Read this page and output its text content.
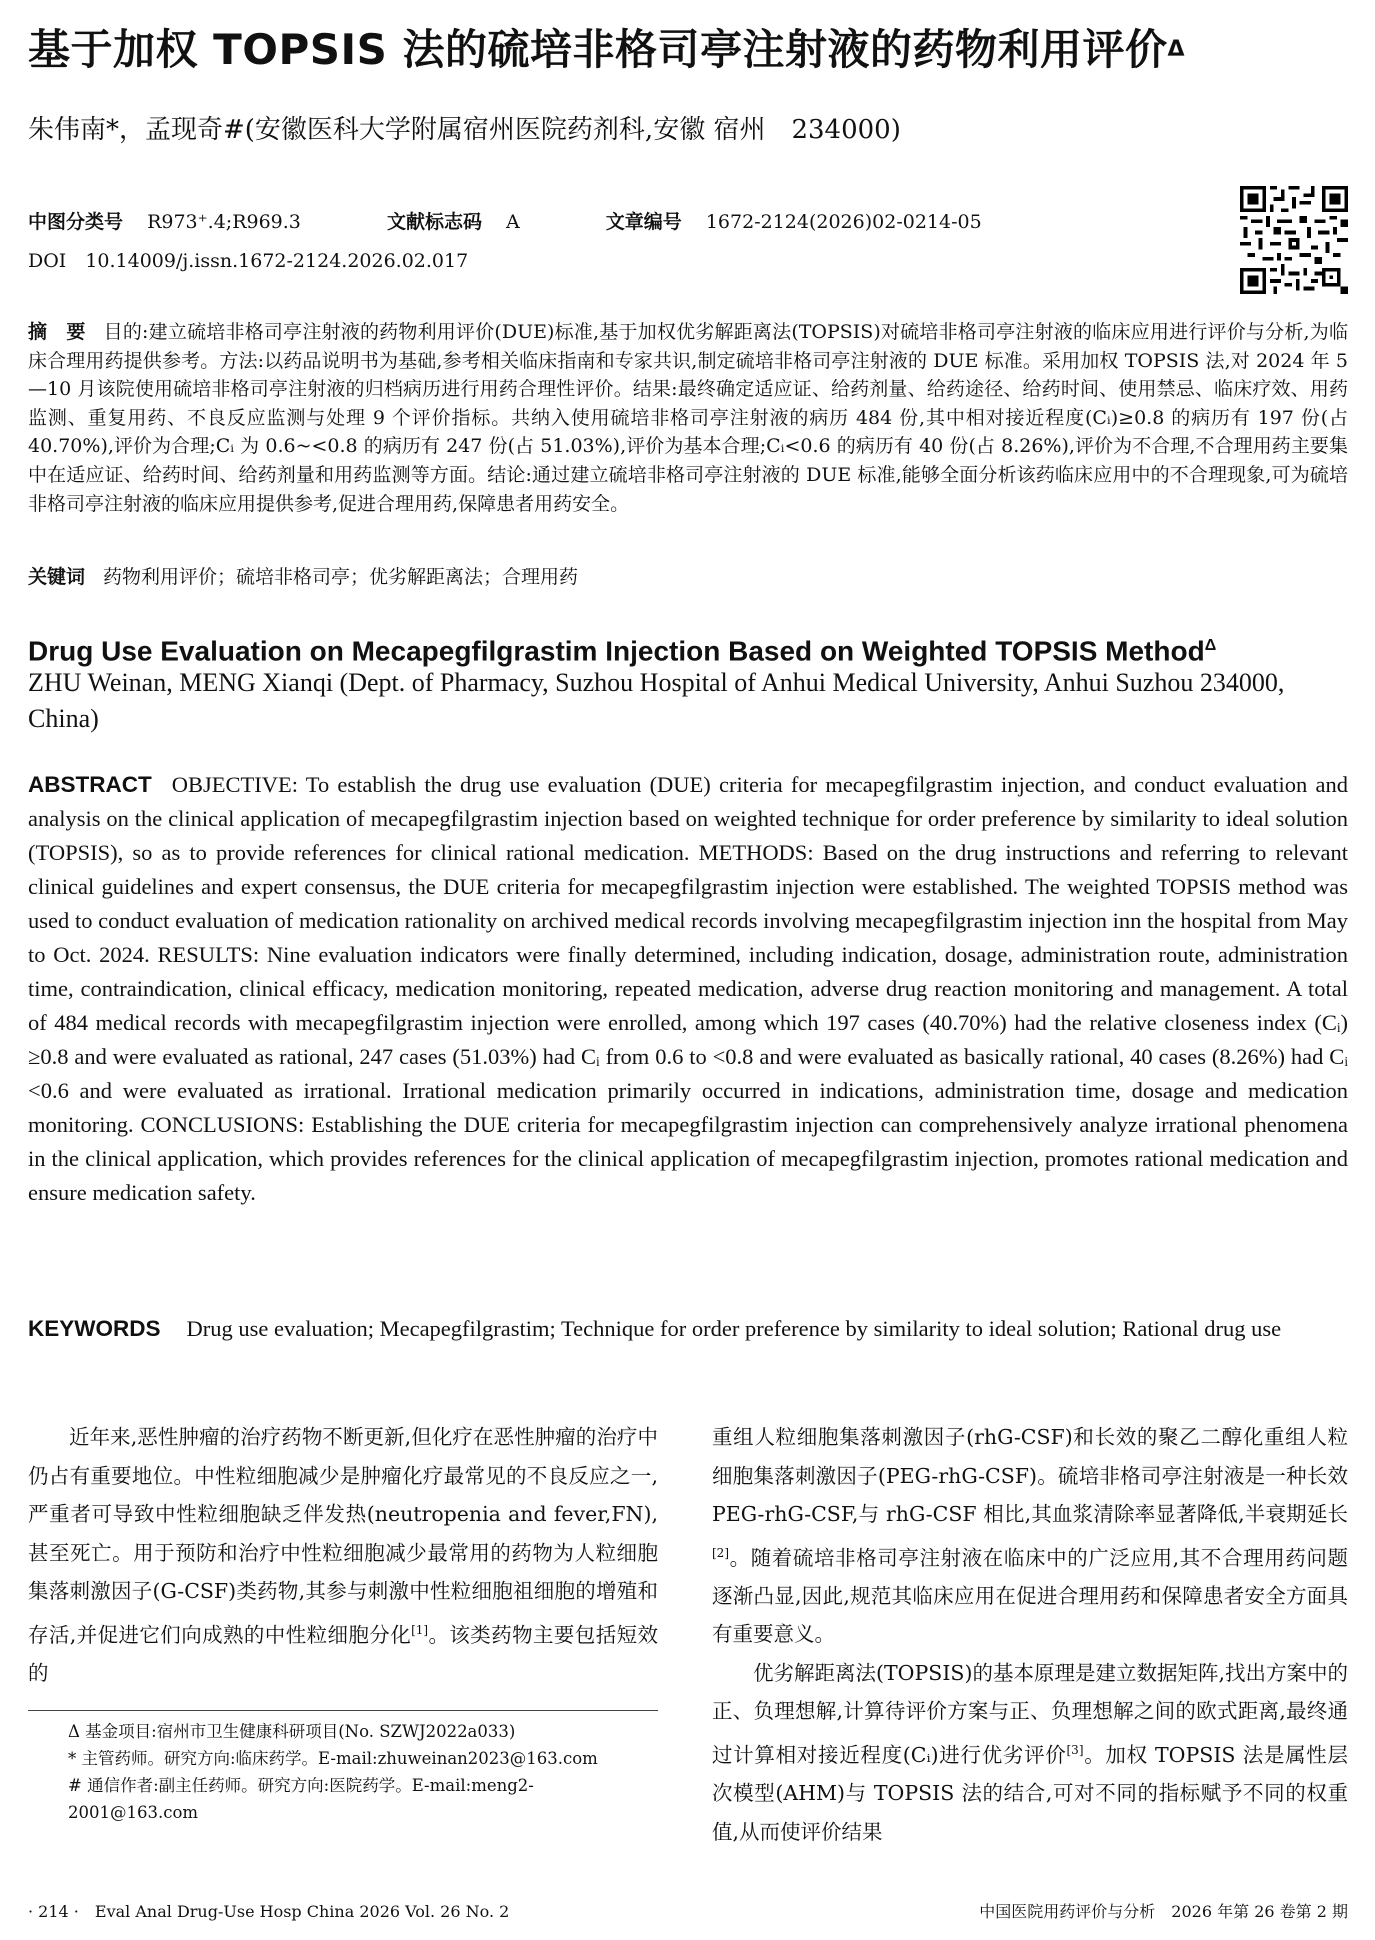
基于加权 TOPSIS 法的硫培非格司亭注射液的药物利用评价$^\Delta$
朱伟南*，孟现奇#(安徽医科大学附属宿州医院药剂科,安徽 宿州　234000)
中图分类号 R973⁺.4;R969.3	文献标志码 A	文章编号 1672-2124(2026)02-0214-05
DOI　10.14009/j.issn.1672-2124.2026.02.017
摘　要 目的:建立硫培非格司亭注射液的药物利用评价(DUE)标准,基于加权优劣解距离法(TOPSIS)对硫培非格司亭注射液的临床应用进行评价与分析,为临床合理用药提供参考。方法:以药品说明书为基础,参考相关临床指南和专家共识,制定硫培非格司亭注射液的 DUE 标准。采用加权 TOPSIS 法,对 2024 年 5—10 月该院使用硫培非格司亭注射液的归档病历进行用药合理性评价。结果:最终确定适应证、给药剂量、给药途径、给药时间、使用禁忌、临床疗效、用药监测、重复用药、不良反应监测与处理 9 个评价指标。共纳入使用硫培非格司亭注射液的病历 484 份,其中相对接近程度(Cᵢ)≥0.8 的病历有 197 份(占 40.70%),评价为合理;Cᵢ 为 0.6~<0.8 的病历有 247 份(占 51.03%),评价为基本合理;Cᵢ<0.6 的病历有 40 份(占 8.26%),评价为不合理,不合理用药主要集中在适应证、给药时间、给药剂量和用药监测等方面。结论:通过建立硫培非格司亭注射液的 DUE 标准,能够全面分析该药临床应用中的不合理现象,可为硫培非格司亭注射液的临床应用提供参考,促进合理用药,保障患者用药安全。
关键词 药物利用评价；硫培非格司亭；优劣解距离法；合理用药
Drug Use Evaluation on Mecapegfilgrastim Injection Based on Weighted TOPSIS Method$^\Delta$
ZHU Weinan, MENG Xianqi (Dept. of Pharmacy, Suzhou Hospital of Anhui Medical University, Anhui Suzhou 234000, China)
ABSTRACT OBJECTIVE: To establish the drug use evaluation (DUE) criteria for mecapegfilgrastim injection, and conduct evaluation and analysis on the clinical application of mecapegfilgrastim injection based on weighted technique for order preference by similarity to ideal solution (TOPSIS), so as to provide references for clinical rational medication. METHODS: Based on the drug instructions and referring to relevant clinical guidelines and expert consensus, the DUE criteria for mecapegfilgrastim injection were established. The weighted TOPSIS method was used to conduct evaluation of medication rationality on archived medical records involving mecapegfilgrastim injection inn the hospital from May to Oct. 2024. RESULTS: Nine evaluation indicators were finally determined, including indication, dosage, administration route, administration time, contraindication, clinical efficacy, medication monitoring, repeated medication, adverse drug reaction monitoring and management. A total of 484 medical records with mecapegfilgrastim injection were enrolled, among which 197 cases (40.70%) had the relative closeness index (Cᵢ) ≥0.8 and were evaluated as rational, 247 cases (51.03%) had Cᵢ from 0.6 to <0.8 and were evaluated as basically rational, 40 cases (8.26%) had Cᵢ <0.6 and were evaluated as irrational. Irrational medication primarily occurred in indications, administration time, dosage and medication monitoring. CONCLUSIONS: Establishing the DUE criteria for mecapegfilgrastim injection can comprehensively analyze irrational phenomena in the clinical application, which provides references for the clinical application of mecapegfilgrastim injection, promotes rational medication and ensure medication safety.
KEYWORDS Drug use evaluation; Mecapegfilgrastim; Technique for order preference by similarity to ideal solution; Rational drug use

近年来,恶性肿瘤的治疗药物不断更新,但化疗在恶性肿瘤的治疗中仍占有重要地位。中性粒细胞减少是肿瘤化疗最常见的不良反应之一,严重者可导致中性粒细胞缺乏伴发热(neutropenia and fever,FN),甚至死亡。用于预防和治疗中性粒细胞减少最常用的药物为人粒细胞集落刺激因子(G-CSF)类药物,其参与刺激中性粒细胞祖细胞的增殖和存活,并促进它们向成熟的中性粒细胞分化[1]。该类药物主要包括短效的

Δ 基金项目:宿州市卫生健康科研项目(No. SZWJ2022a033)
* 主管药师。研究方向:临床药学。E-mail:zhuweinan2023@163.com
# 通信作者:副主任药师。研究方向:医院药学。E-mail:meng2-2001@163.com

重组人粒细胞集落刺激因子(rhG-CSF)和长效的聚乙二醇化重组人粒细胞集落刺激因子(PEG-rhG-CSF)。硫培非格司亭注射液是一种长效 PEG-rhG-CSF,与 rhG-CSF 相比,其血浆清除率显著降低,半衰期延长[2]。随着硫培非格司亭注射液在临床中的广泛应用,其不合理用药问题逐渐凸显,因此,规范其临床应用在促进合理用药和保障患者安全方面具有重要意义。

优劣解距离法(TOPSIS)的基本原理是建立数据矩阵,找出方案中的正、负理想解,计算待评价方案与正、负理想解之间的欧式距离,最终通过计算相对接近程度(Cᵢ)进行优劣评价[3]。加权 TOPSIS 法是属性层次模型(AHM)与 TOPSIS 法的结合,可对不同的指标赋予不同的权重值,从而使评价结果

· 214 ·　Eval Anal Drug-Use Hosp China 2026 Vol. 26 No. 2	中国医院用药评价与分析　2026 年第 26 卷第 2 期
